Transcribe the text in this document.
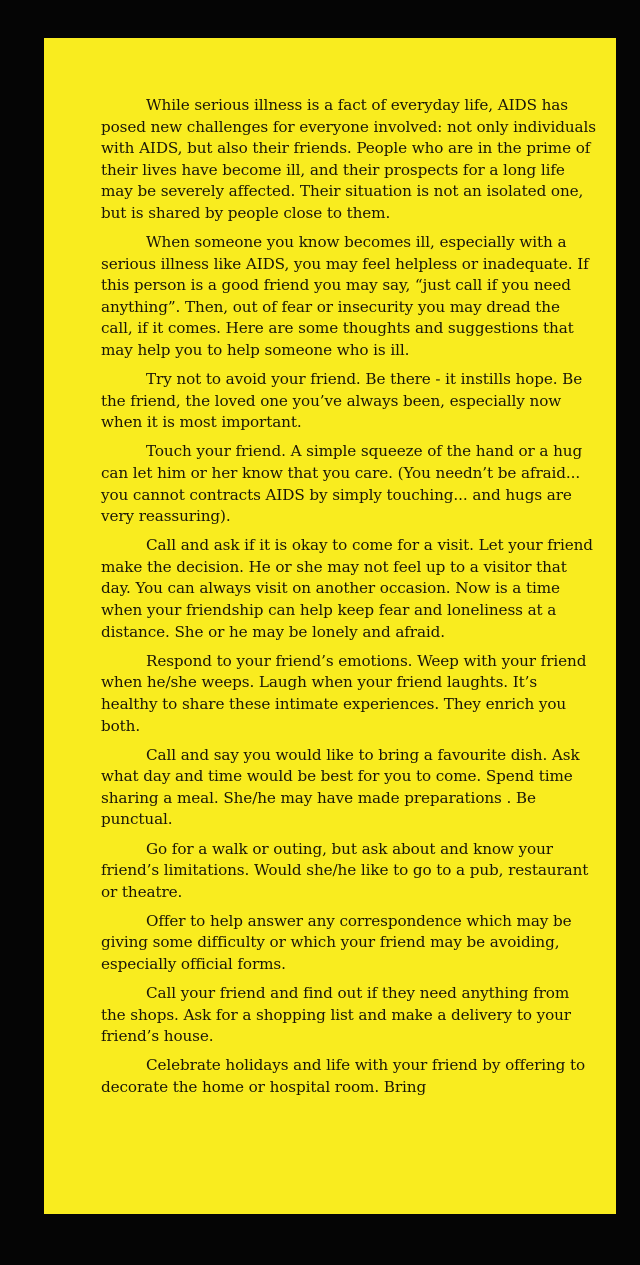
While serious illness is a fact of everyday life, AIDS has posed new challenges for everyone involved: not only individuals with AIDS, but also their friends. People who are in the prime of their lives have become ill, and their prospects for a long life may be severely affected. Their situation is not an isolated one, but is shared by people close to them.

When someone you know becomes ill, especially with a serious illness like AIDS, you may feel helpless or inadequate. If this person is a good friend you may say, “just call if you need anything”. Then, out of fear or insecurity you may dread the call, if it comes. Here are some thoughts and suggestions that may help you to help someone who is ill.

Try not to avoid your friend. Be there - it instills hope. Be the friend, the loved one you’ve always been, especially now when it is most important.

Touch your friend. A simple squeeze of the hand or a hug can let him or her know that you care. (You needn’t be afraid... you cannot contracts AIDS by simply touching... and hugs are very reassuring).

Call and ask if it is okay to come for a visit. Let your friend make the decision. He or she may not feel up to a visitor that day. You can always visit on another occasion. Now is a time when your friendship can help keep fear and loneliness at a distance. She or he may be lonely and afraid.

Respond to your friend’s emotions. Weep with your friend when he/she weeps. Laugh when your friend laughts. It’s healthy to share these intimate experiences. They enrich you both.

Call and say you would like to bring a favourite dish. Ask what day and time would be best for you to come. Spend time sharing a meal. She/he may have made preparations . Be punctual.

Go for a walk or outing, but ask about and know your friend’s limitations. Would she/he like to go to a pub, restaurant or theatre.

Offer to help answer any correspondence which may be giving some difficulty or which your friend may be avoiding, especially official forms.

Call your friend and find out if they need anything from the shops. Ask for a shopping list and make a delivery to your friend’s house.

Celebrate holidays and life with your friend by offering to decorate the home or hospital room. Bring
